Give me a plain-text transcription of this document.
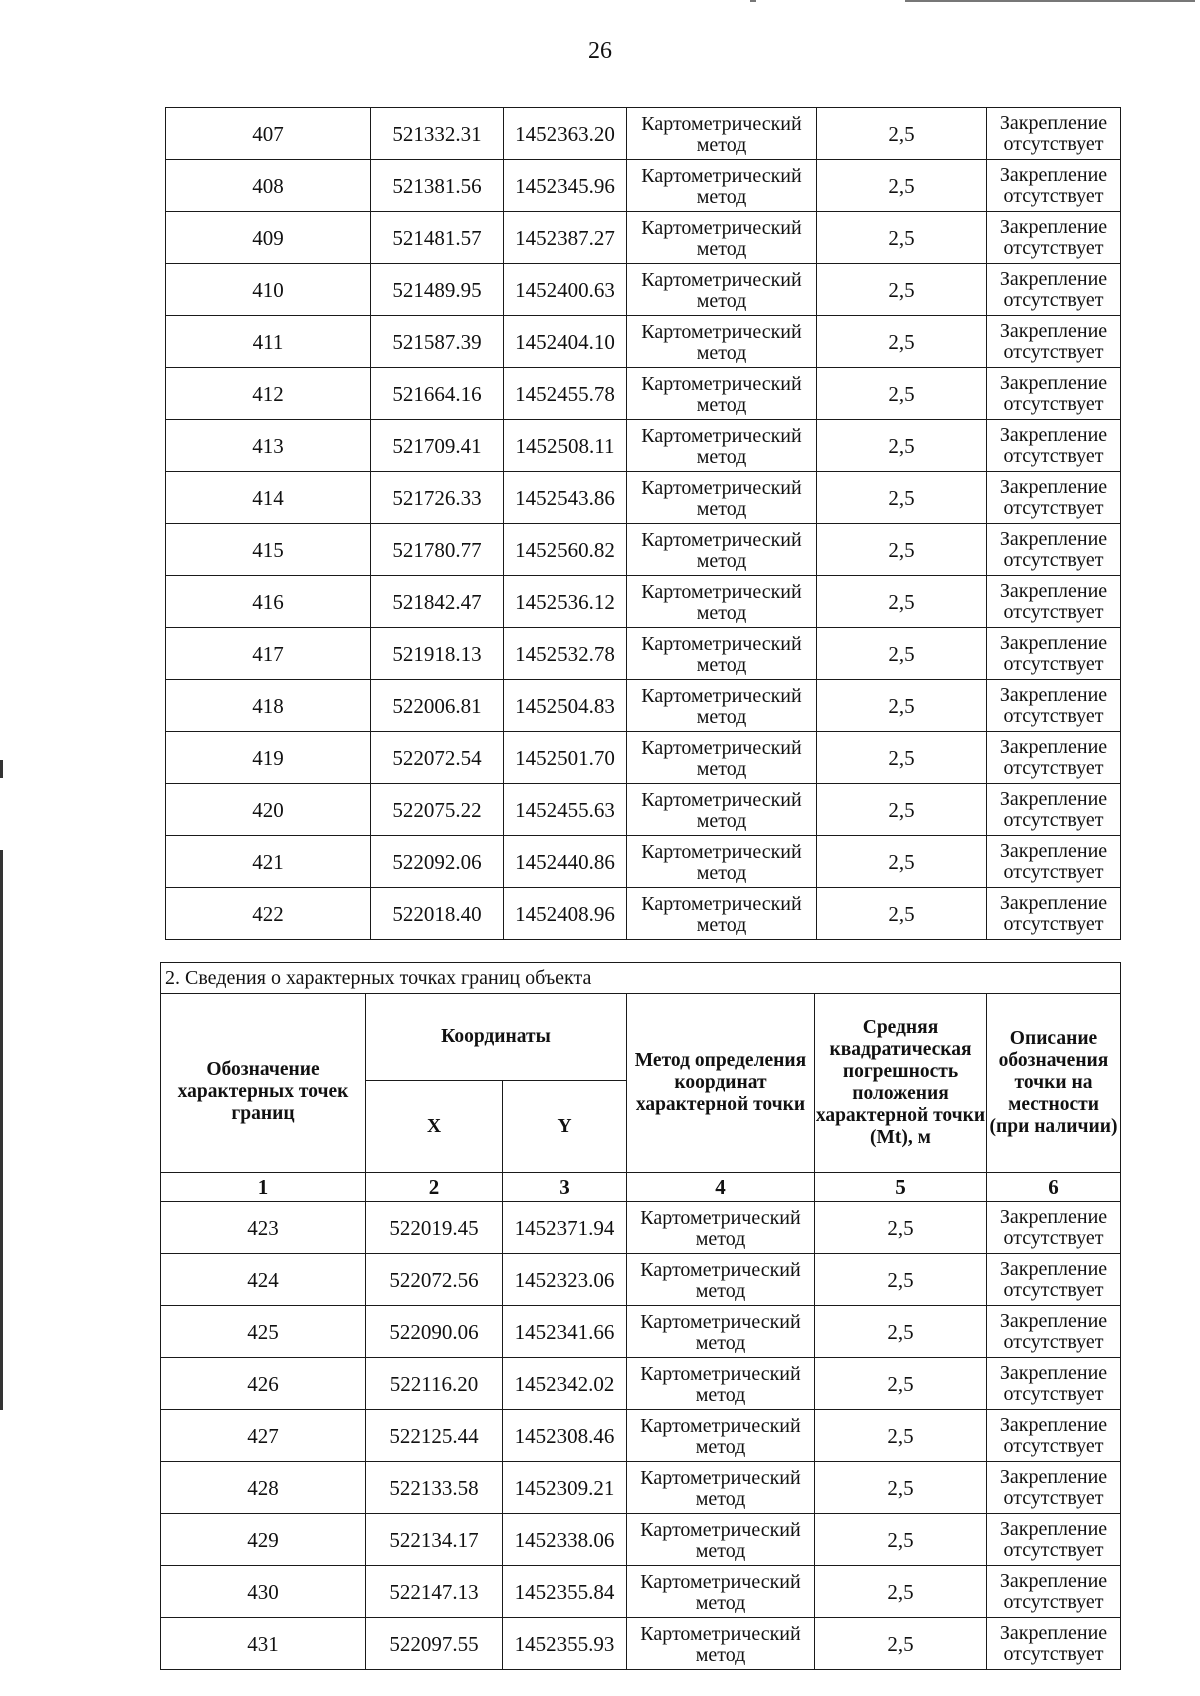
26
407	521332.31	1452363.20	Картометрический метод	2,5	Закрепление отсутствует
408	521381.56	1452345.96	Картометрический метод	2,5	Закрепление отсутствует
409	521481.57	1452387.27	Картометрический метод	2,5	Закрепление отсутствует
410	521489.95	1452400.63	Картометрический метод	2,5	Закрепление отсутствует
411	521587.39	1452404.10	Картометрический метод	2,5	Закрепление отсутствует
412	521664.16	1452455.78	Картометрический метод	2,5	Закрепление отсутствует
413	521709.41	1452508.11	Картометрический метод	2,5	Закрепление отсутствует
414	521726.33	1452543.86	Картометрический метод	2,5	Закрепление отсутствует
415	521780.77	1452560.82	Картометрический метод	2,5	Закрепление отсутствует
416	521842.47	1452536.12	Картометрический метод	2,5	Закрепление отсутствует
417	521918.13	1452532.78	Картометрический метод	2,5	Закрепление отсутствует
418	522006.81	1452504.83	Картометрический метод	2,5	Закрепление отсутствует
419	522072.54	1452501.70	Картометрический метод	2,5	Закрепление отсутствует
420	522075.22	1452455.63	Картометрический метод	2,5	Закрепление отсутствует
421	522092.06	1452440.86	Картометрический метод	2,5	Закрепление отсутствует
422	522018.40	1452408.96	Картометрический метод	2,5	Закрепление отсутствует
2. Сведения о характерных точках границ объекта					
Обозначение характерных точек границ	Координаты		Метод определения координат характерной точки	Средняя квадратическая погрешность положения характерной точки (Mt), м	Описание обозначения точки на местности (при наличии)
	X	Y			
1	2	3	4	5	6
423	522019.45	1452371.94	Картометрический метод	2,5	Закрепление отсутствует
424	522072.56	1452323.06	Картометрический метод	2,5	Закрепление отсутствует
425	522090.06	1452341.66	Картометрический метод	2,5	Закрепление отсутствует
426	522116.20	1452342.02	Картометрический метод	2,5	Закрепление отсутствует
427	522125.44	1452308.46	Картометрический метод	2,5	Закрепление отсутствует
428	522133.58	1452309.21	Картометрический метод	2,5	Закрепление отсутствует
429	522134.17	1452338.06	Картометрический метод	2,5	Закрепление отсутствует
430	522147.13	1452355.84	Картометрический метод	2,5	Закрепление отсутствует
431	522097.55	1452355.93	Картометрический метод	2,5	Закрепление отсутствует
